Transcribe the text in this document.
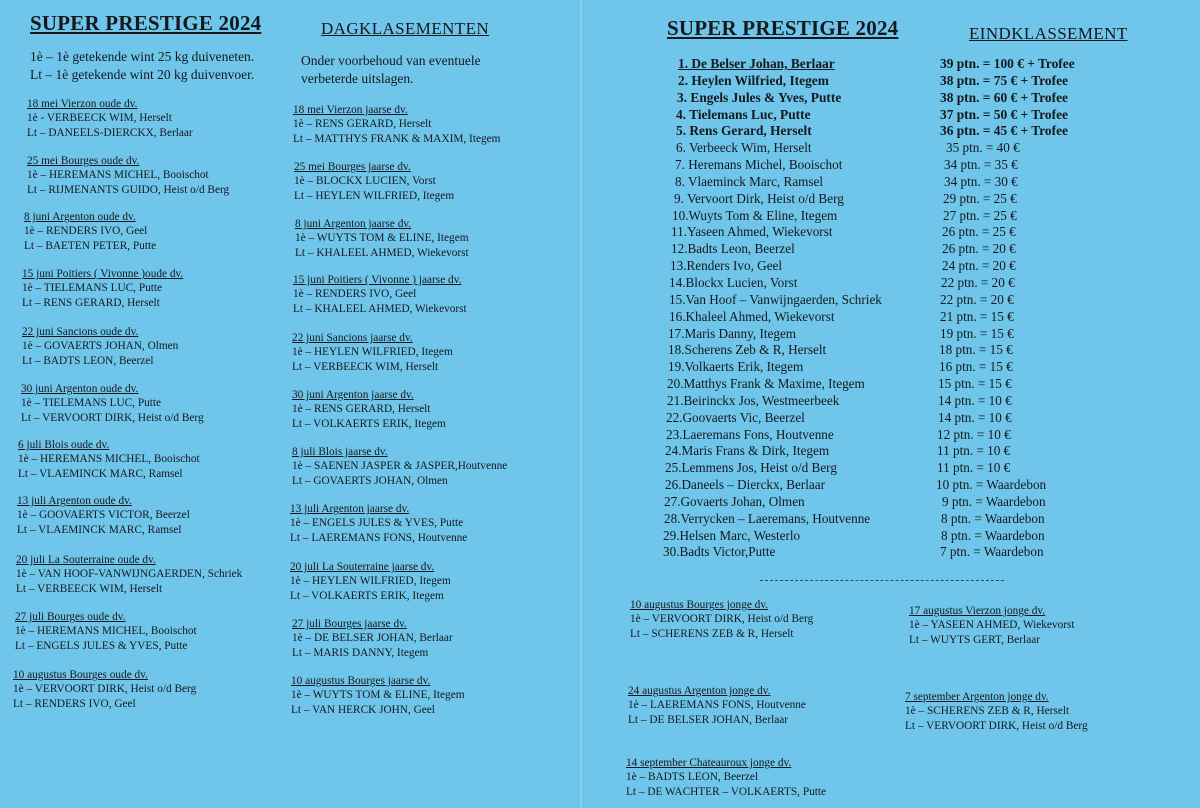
SUPER PRESTIGE 2024	DAGKLASEMENTEN
1è – 1è getekende wint 25 kg duiveneten.
Lt – 1è getekende wint 20 kg duivenvoer.
Onder voorbehoud van eventuele
verbeterde uitslagen.
18 mei Vierzon oude dv.
1è - VERBEECK WIM, Herselt
Lt – DANEELS-DIERCKX, Berlaar
25 mei Bourges oude dv.
1è – HEREMANS MICHEL, Booischot
Lt – RIJMENANTS GUIDO, Heist o/d Berg
8 juni Argenton oude dv.
1è – RENDERS IVO, Geel
Lt – BAETEN PETER, Putte
15 juni Poitiers ( Vivonne )oude dv.
1è – TIELEMANS LUC, Putte
Lt – RENS GERARD, Herselt
22 juni Sancions oude dv.
1è – GOVAERTS JOHAN, Olmen
Lt – BADTS LEON, Beerzel
30 juni Argenton oude dv.
1è – TIELEMANS LUC, Putte
Lt – VERVOORT DIRK, Heist o/d Berg
6 juli Blois oude dv.
1è – HEREMANS MICHEL, Booischot
Lt – VLAEMINCK MARC, Ramsel
13 juli Argenton oude dv.
1è – GOOVAERTS VICTOR, Beerzel
Lt – VLAEMINCK MARC, Ramsel
20 juli La Souterraine oude dv.
1è – VAN HOOF-VANWIJNGAERDEN, Schriek
Lt – VERBEECK WIM, Herselt
27 juli Bourges oude dv.
1è – HEREMANS MICHEL, Booischot
Lt – ENGELS JULES & YVES, Putte
10 augustus Bourges oude dv.
1è – VERVOORT DIRK, Heist o/d Berg
Lt – RENDERS IVO, Geel
18 mei Vierzon jaarse dv.
1è – RENS GERARD, Herselt
Lt – MATTHYS FRANK & MAXIM, Itegem
25 mei Bourges jaarse dv.
1è – BLOCKX LUCIEN, Vorst
Lt – HEYLEN WILFRIED, Itegem
8 juni Argenton jaarse dv.
1è – WUYTS TOM & ELINE, Itegem
Lt – KHALEEL AHMED, Wiekevorst
15 juni Poitiers ( Vivonne ) jaarse dv.
1è – RENDERS IVO, Geel
Lt – KHALEEL AHMED, Wiekevorst
22 juni Sancions jaarse dv.
1è – HEYLEN WILFRIED, Itegem
Lt – VERBEECK WIM, Herselt
30 juni Argenton jaarse dv.
1è – RENS GERARD, Herselt
Lt – VOLKAERTS ERIK, Itegem
8 juli Blois jaarse dv.
1è – SAENEN JASPER & JASPER,Houtvenne
Lt – GOVAERTS JOHAN, Olmen
13 juli Argenton jaarse dv.
1è – ENGELS JULES & YVES, Putte
Lt – LAEREMANS FONS, Houtvenne
20 juli La Souterraine jaarse dv.
1è – HEYLEN WILFRIED, Itegem
Lt – VOLKAERTS ERIK, Itegem
27 juli Bourges jaarse dv.
1è – DE BELSER JOHAN, Berlaar
Lt – MARIS DANNY, Itegem
10 augustus Bourges jaarse dv.
1è – WUYTS TOM & ELINE, Itegem
Lt – VAN HERCK JOHN, Geel
SUPER PRESTIGE 2024	EINDKLASSEMENT
1. De Belser Johan, Berlaar	39 ptn. = 100 € + Trofee
2. Heylen Wilfried, Itegem	38 ptn. = 75 € + Trofee
3. Engels Jules & Yves, Putte	38 ptn. = 60 € + Trofee
4. Tielemans Luc, Putte	37 ptn. = 50 € + Trofee
5. Rens Gerard, Herselt	36 ptn. = 45 € + Trofee
6. Verbeeck Wim, Herselt	35 ptn. = 40 €
7. Heremans Michel, Booischot	34 ptn. = 35 €
8. Vlaeminck Marc, Ramsel	34 ptn. = 30 €
9. Vervoort Dirk, Heist o/d Berg	29 ptn. = 25 €
10.Wuyts Tom & Eline, Itegem	27 ptn. = 25 €
11.Yaseen Ahmed, Wiekevorst	26 ptn. = 25 €
12.Badts Leon, Beerzel	26 ptn. = 20 €
13.Renders Ivo, Geel	24 ptn. = 20 €
14.Blockx Lucien, Vorst	22 ptn. = 20 €
15.Van Hoof – Vanwijngaerden, Schriek	22 ptn. = 20 €
16.Khaleel Ahmed, Wiekevorst	21 ptn. = 15 €
17.Maris Danny, Itegem	19 ptn. = 15 €
18.Scherens Zeb & R, Herselt	18 ptn. = 15 €
19.Volkaerts Erik, Itegem	16 ptn. = 15 €
20.Matthys Frank & Maxime, Itegem	15 ptn. = 15 €
21.Beirinckx Jos, Westmeerbeek	14 ptn. = 10 €
22.Goovaerts Vic, Beerzel	14 ptn. = 10 €
23.Laeremans Fons, Houtvenne	12 ptn. = 10 €
24.Maris Frans & Dirk, Itegem	11 ptn. = 10 €
25.Lemmens Jos, Heist o/d Berg	11 ptn. = 10 €
26.Daneels – Dierckx, Berlaar	10 ptn. = Waardebon
27.Govaerts Johan, Olmen	9 ptn. = Waardebon
28.Verrycken – Laeremans, Houtvenne	8 ptn. = Waardebon
29.Helsen Marc, Westerlo	8 ptn. = Waardebon
30.Badts Victor,Putte	7 ptn. = Waardebon
10 augustus Bourges jonge dv.
1è – VERVOORT DIRK, Heist o/d Berg
Lt – SCHERENS ZEB & R, Herselt
17 augustus Vierzon jonge dv.
1è – YASEEN AHMED, Wiekevorst
Lt – WUYTS GERT, Berlaar
24 augustus Argenton jonge dv.
1è – LAEREMANS FONS, Houtvenne
Lt – DE BELSER JOHAN, Berlaar
7 september Argenton jonge dv.
1è – SCHERENS ZEB & R, Herselt
Lt – VERVOORT DIRK, Heist o/d Berg
14 september Chateauroux jonge dv.
1è – BADTS LEON, Beerzel
Lt – DE WACHTER – VOLKAERTS, Putte
